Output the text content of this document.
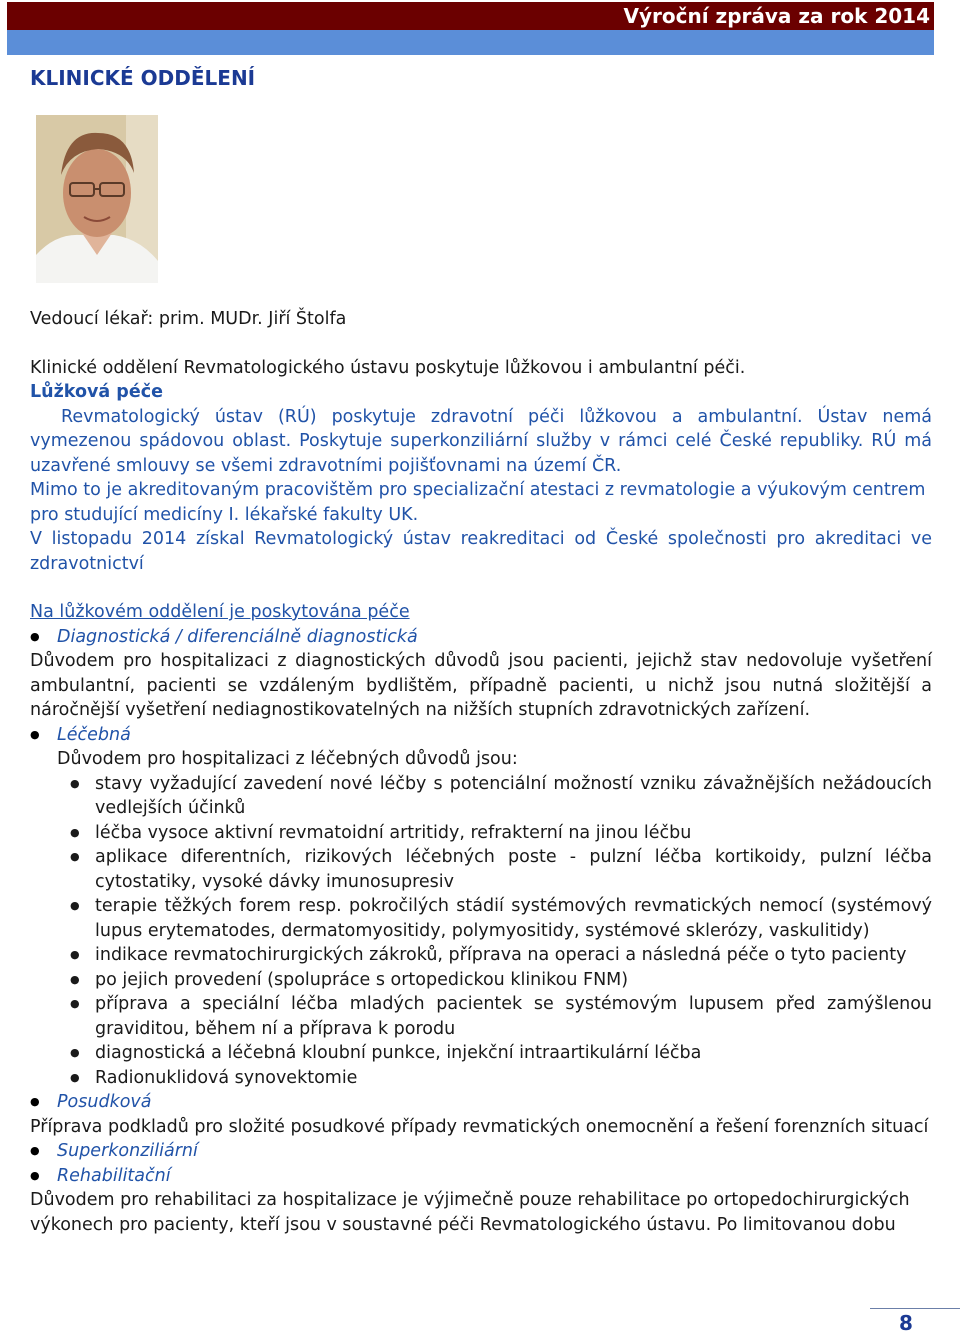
Výroční zpráva za rok 2014
KLINICKÉ ODDĚLENÍ

Vedoucí lékař: prim. MUDr. Jiří Štolfa

Klinické oddělení Revmatologického ústavu poskytuje lůžkovou i ambulantní péči.

Lůžková péče

Revmatologický ústav (RÚ) poskytuje zdravotní péči lůžkovou a ambulantní. Ústav nemá

vymezenou spádovou oblast. Poskytuje superkonziliární služby v rámci celé České republiky. RÚ má

uzavřené smlouvy se všemi zdravotními pojišťovnami na území ČR.

Mimo to je akreditovaným pracovištěm pro specializační atestaci z revmatologie a výukovým centrem pro studující medicíny I. lékařské fakulty UK.

V listopadu 2014 získal Revmatologický ústav reakreditaci od České společnosti pro akreditaci ve zdravotnictví

Na lůžkovém oddělení je poskytována péče

● Diagnostická / diferenciálně diagnostická

Důvodem pro hospitalizaci z diagnostických důvodů jsou pacienti, jejichž stav nedovoluje vyšetření ambulantní, pacienti se vzdáleným bydlištěm, případně pacienti, u nichž jsou nutná složitější a náročnější vyšetření nediagnostikovatelných na nižších stupních zdravotnických zařízení.

● Léčebná

Důvodem pro hospitalizaci z léčebných důvodů jsou:

● stavy vyžadující zavedení nové léčby s potenciální možností vzniku závažnějších nežádoucích vedlejších účinků
● léčba vysoce aktivní revmatoidní artritidy, refrakterní na jinou léčbu
● aplikace diferentních, rizikových léčebných poste - pulzní léčba kortikoidy, pulzní léčba cytostatiky, vysoké dávky imunosupresiv
● terapie těžkých forem resp. pokročilých stádií systémových revmatických nemocí (systémový lupus erytematodes, dermatomyositidy, polymyositidy, systémové sklerózy, vaskulitidy)
● indikace revmatochirurgických zákroků, příprava na operaci a následná péče o tyto pacienty
● po jejich provedení (spolupráce s ortopedickou klinikou FNM)
● příprava a speciální léčba mladých pacientek se systémovým lupusem před zamýšlenou graviditou, během ní a příprava k porodu
● diagnostická a léčebná kloubní punkce, injekční intraartikulární léčba
● Radionuklidová synovektomie
● Posudková

Příprava podkladů pro složité posudkové případy revmatických onemocnění a řešení forenzních situací

● Superkonziliární
● Rehabilitační

Důvodem pro rehabilitaci za hospitalizace je výjimečně pouze rehabilitace po ortopedochirurgických výkonech pro pacienty, kteří jsou v soustavné péči Revmatologického ústavu. Po limitovanou dobu

8
